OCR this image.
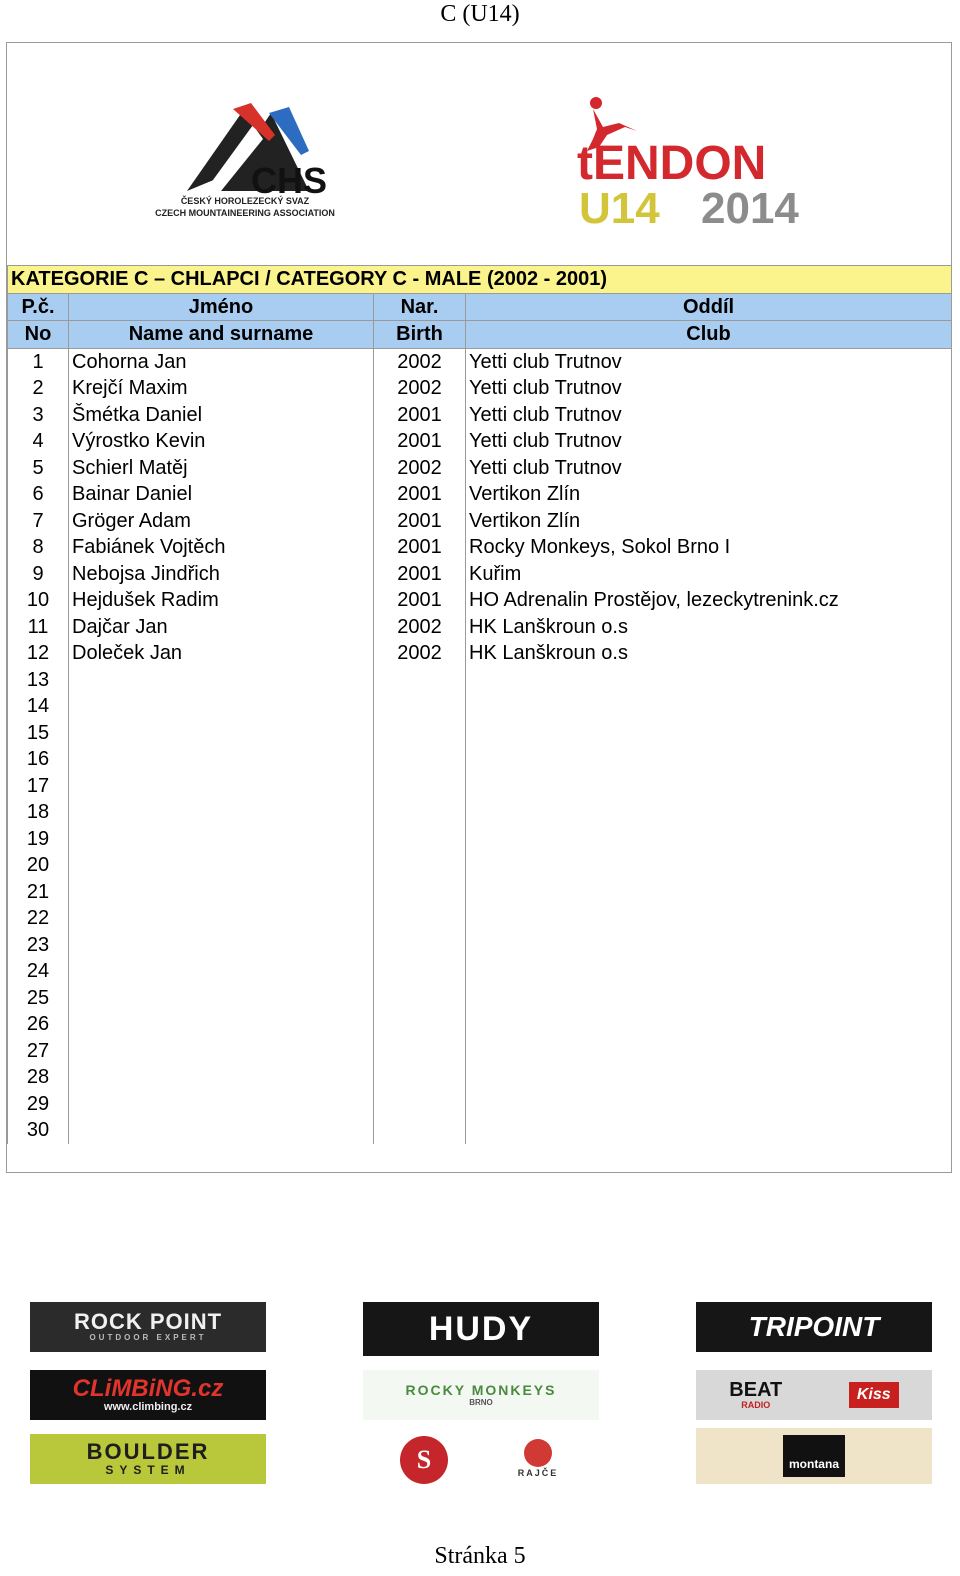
C (U14)
CHS
ČESKÝ HOROLEZECKÝ SVAZ
CZECH MOUNTAINEERING ASSOCIATION
tENDON
U14 2014
KATEGORIE C – CHLAPCI / CATEGORY C - MALE (2002 - 2001)			
P.č.	Jméno	Nar.	Oddíl
No	Name and surname	Birth	Club
1	Cohorna Jan	2002	Yetti club Trutnov
2	Krejčí Maxim	2002	Yetti club Trutnov
3	Šmétka Daniel	2001	Yetti club Trutnov
4	Výrostko Kevin	2001	Yetti club Trutnov
5	Schierl Matěj	2002	Yetti club Trutnov
6	Bainar Daniel	2001	Vertikon Zlín
7	Gröger Adam	2001	Vertikon Zlín
8	Fabiánek Vojtěch	2001	Rocky Monkeys, Sokol Brno I
9	Nebojsa Jindřich	2001	Kuřim
10	Hejdušek Radim	2001	HO Adrenalin Prostějov, lezeckytrenink.cz
11	Dajčar Jan	2002	HK Lanškroun o.s
12	Doleček Jan	2002	HK Lanškroun o.s
13			
14			
15			
16			
17			
18			
19			
20			
21			
22			
23			
24			
25			
26			
27			
28			
29			
30			
ROCK POINT
OUTDOOR EXPERT	HUDY	TRIPOINT
CLiMBiNG.cz
www.climbing.cz
ROCKY MONKEYS
BRNO
BEAT
RADIO
Kiss
BOULDER
SYSTEM	S	RAJČE
montana
Stránka 5
